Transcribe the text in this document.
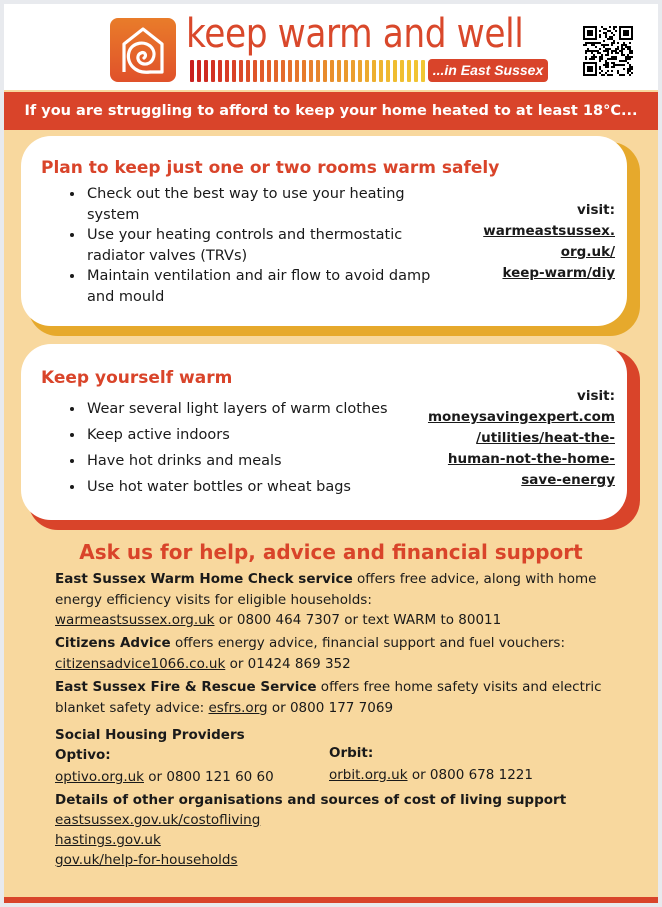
keep warm and well
...in East Sussex
If you are struggling to afford to keep your home heated to at least 18°C...
Plan to keep just one or two rooms warm safely
• Check out the best way to use your heating system
• Use your heating controls and thermostatic radiator valves (TRVs)
• Maintain ventilation and air flow to avoid damp and mould
visit:
warmeastsussex.
org.uk/
keep-warm/diy
Keep yourself warm
• Wear several light layers of warm clothes
• Keep active indoors
• Have hot drinks and meals
• Use hot water bottles or wheat bags
visit:
moneysavingexpert.com
/utilities/heat-the-
human-not-the-home-
save-energy
Ask us for help, advice and financial support
East Sussex Warm Home Check service offers free advice, along with home energy efficiency visits for eligible households:
warmeastsussex.org.uk or 0800 464 7307 or text WARM to 80011
Citizens Advice offers energy advice, financial support and fuel vouchers:
citizensadvice1066.co.uk or 01424 869 352
East Sussex Fire & Rescue Service offers free home safety visits and electric blanket safety advice: esfrs.org or 0800 177 7069
Social Housing Providers
Optivo:
optivo.org.uk or 0800 121 60 60
Orbit:
orbit.org.uk or 0800 678 1221
Details of other organisations and sources of cost of living support
eastsussex.gov.uk/costofliving
hastings.gov.uk
gov.uk/help-for-households
